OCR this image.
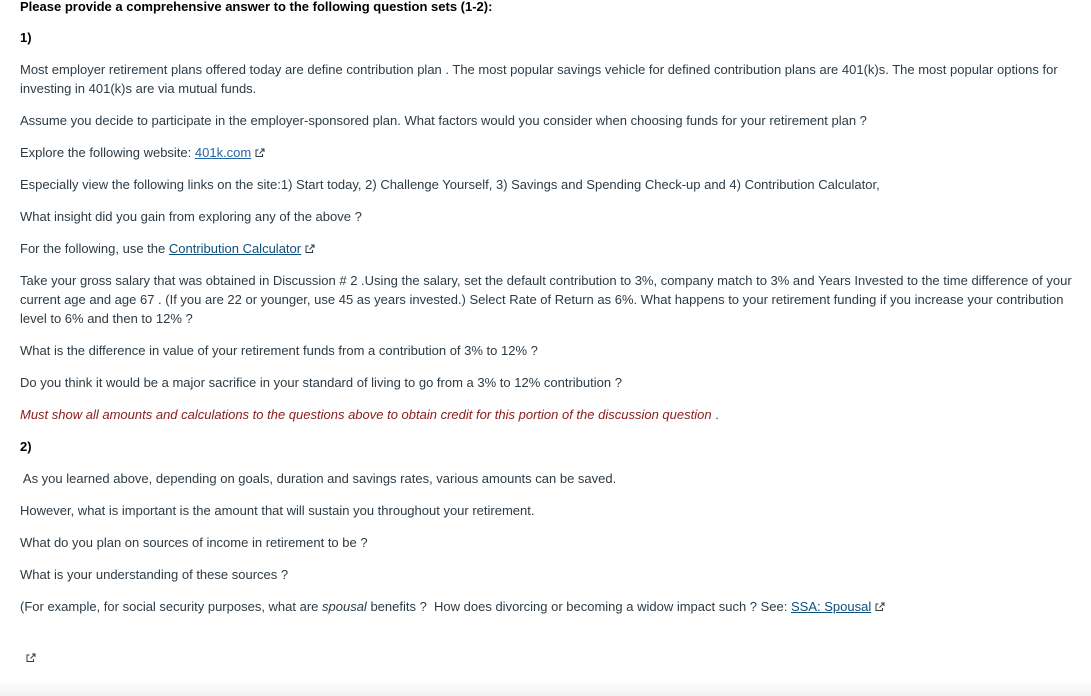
Please provide a comprehensive answer to the following question sets (1-2):
1)
Most employer retirement plans offered today are define contribution plan . The most popular savings vehicle for defined contribution plans are 401(k)s. The most popular options for investing in 401(k)s are via mutual funds.
Assume you decide to participate in the employer-sponsored plan. What factors would you consider when choosing funds for your retirement plan ?
Explore the following website: 401k.com
Especially view the following links on the site:1) Start today, 2) Challenge Yourself, 3) Savings and Spending Check-up and 4) Contribution Calculator,
What insight did you gain from exploring any of the above ?
For the following, use the Contribution Calculator
Take your gross salary that was obtained in Discussion # 2 .Using the salary, set the default contribution to 3%, company match to 3% and Years Invested to the time difference of your current age and age 67 . (If you are 22 or younger, use 45 as years invested.) Select Rate of Return as 6%. What happens to your retirement funding if you increase your contribution level to 6% and then to 12% ?
What is the difference in value of your retirement funds from a contribution of 3% to 12% ?
Do you think it would be a major sacrifice in your standard of living to go from a 3% to 12% contribution ?
Must show all amounts and calculations to the questions above to obtain credit for this portion of the discussion question .
2)
As you learned above, depending on goals, duration and savings rates, various amounts can be saved.
However, what is important is the amount that will sustain you throughout your retirement.
What do you plan on sources of income in retirement to be ?
What is your understanding of these sources ?
(For example, for social security purposes, what are spousal benefits ?  How does divorcing or becoming a widow impact such ? See: SSA: Spousal
